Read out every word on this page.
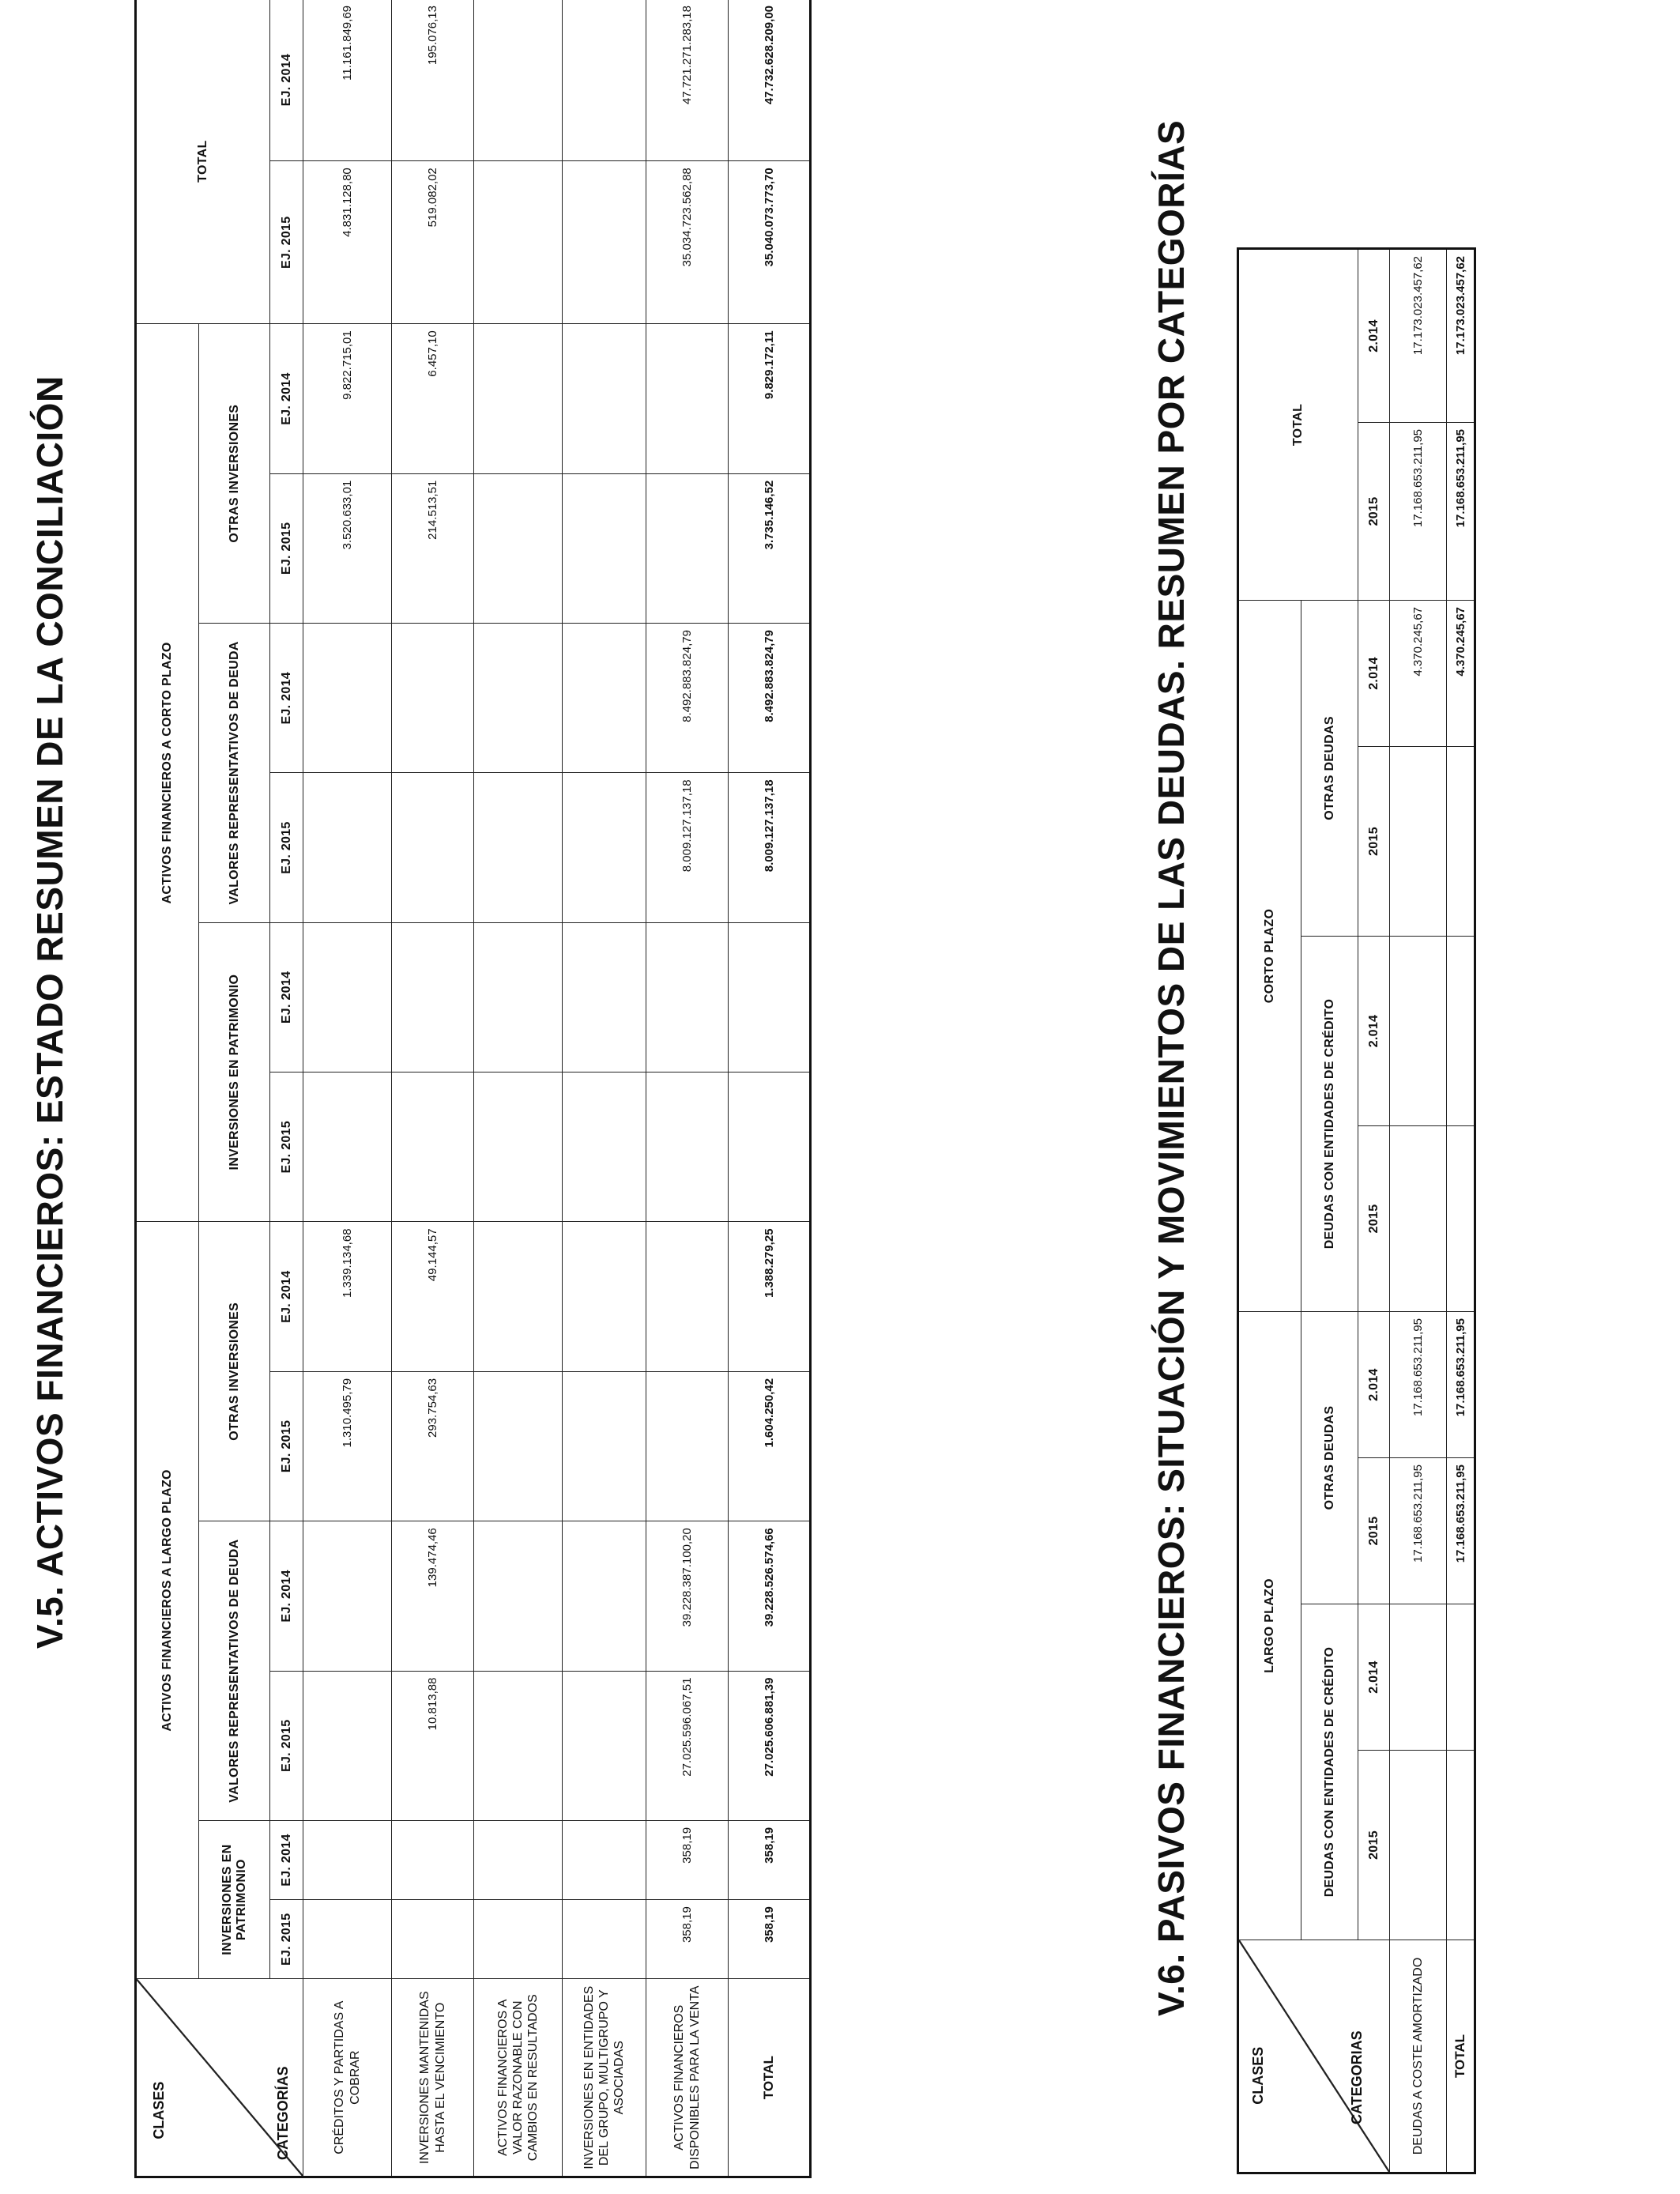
V.5. ACTIVOS FINANCIEROS: ESTADO RESUMEN DE LA CONCILIACIÓN
CLASES CATEGORÍAS	ACTIVOS FINANCIEROS A LARGO PLAZO						ACTIVOS FINANCIEROS A CORTO PLAZO						TOTAL	
	INVERSIONES EN PATRIMONIO		VALORES REPRESENTATIVOS DE DEUDA		OTRAS INVERSIONES		INVERSIONES EN PATRIMONIO		VALORES REPRESENTATIVOS DE DEUDA		OTRAS INVERSIONES			
	EJ. 2015	EJ. 2014	EJ. 2015	EJ. 2014	EJ. 2015	EJ. 2014	EJ. 2015	EJ. 2014	EJ. 2015	EJ. 2014	EJ. 2015	EJ. 2014	EJ. 2015	EJ. 2014
CRÉDITOS Y PARTIDAS A COBRAR					1.310.495,79	1.339.134,68					3.520.633,01	9.822.715,01	4.831.128,80	11.161.849,69
INVERSIONES MANTENIDAS HASTA EL VENCIMIENTO			10.813,88	139.474,46	293.754,63	49.144,57					214.513,51	6.457,10	519.082,02	195.076,13
ACTIVOS FINANCIEROS A VALOR RAZONABLE CON CAMBIOS EN RESULTADOS														
INVERSIONES EN ENTIDADES DEL GRUPO, MULTIGRUPO Y ASOCIADAS														
ACTIVOS FINANCIEROS DISPONIBLES PARA LA VENTA	358,19	358,19	27.025.596.067,51	39.228.387.100,20					8.009.127.137,18	8.492.883.824,79			35.034.723.562,88	47.721.271.283,18
TOTAL	358,19	358,19	27.025.606.881,39	39.228.526.574,66	1.604.250,42	1.388.279,25			8.009.127.137,18	8.492.883.824,79	3.735.146,52	9.829.172,11	35.040.073.773,70	47.732.628.209,00
V.6. PASIVOS FINANCIEROS: SITUACIÓN Y MOVIMIENTOS DE LAS DEUDAS. RESUMEN POR CATEGORÍAS
CLASES CATEGORIAS	LARGO PLAZO				CORTO PLAZO				TOTAL	
	DEUDAS CON ENTIDADES DE CRÉDITO		OTRAS DEUDAS		DEUDAS CON ENTIDADES DE CRÉDITO		OTRAS DEUDAS			
	2015	2.014	2015	2.014	2015	2.014	2015	2.014	2015	2.014
DEUDAS A COSTE AMORTIZADO			17.168.653.211,95	17.168.653.211,95				4.370.245,67	17.168.653.211,95	17.173.023.457,62
TOTAL			17.168.653.211,95	17.168.653.211,95				4.370.245,67	17.168.653.211,95	17.173.023.457,62
